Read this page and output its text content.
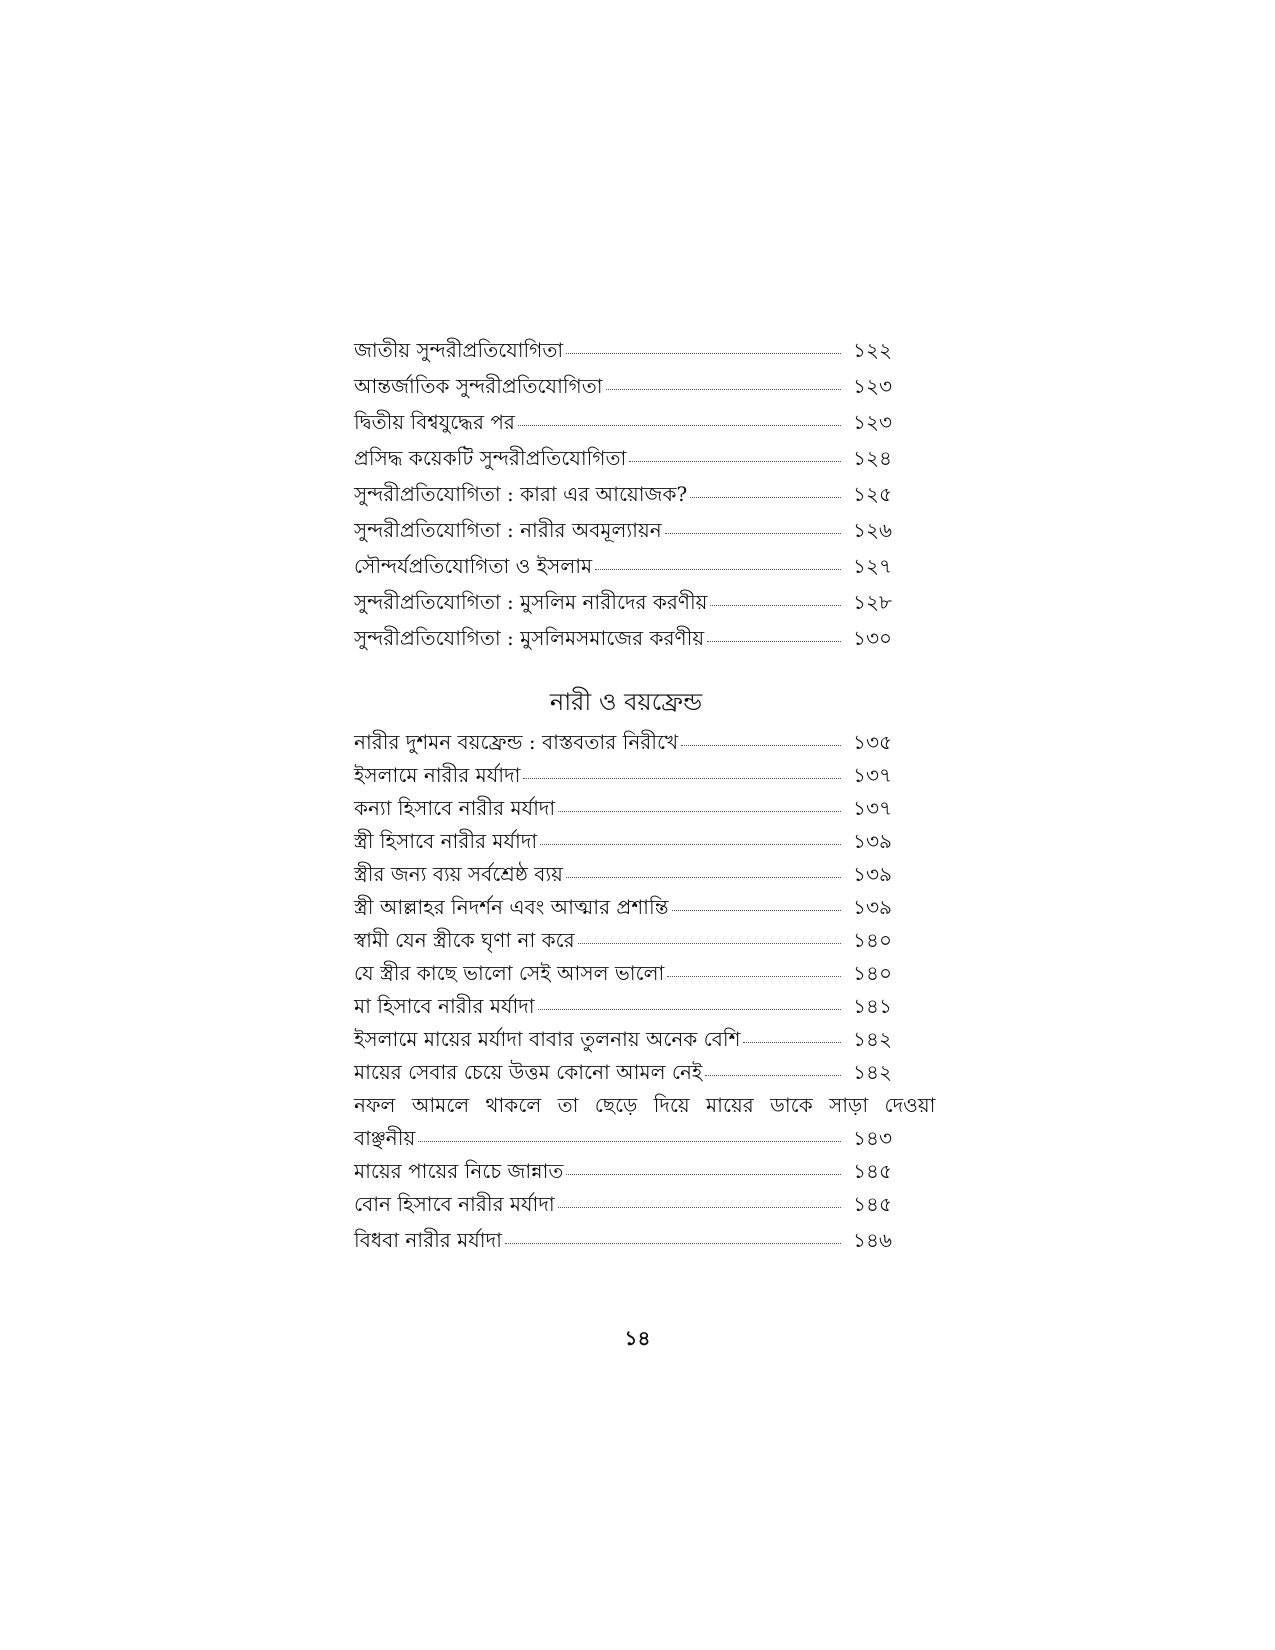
জাতীয় সুন্দরীপ্রতিযোগিতা	১২২
আন্তর্জাতিক সুন্দরীপ্রতিযোগিতা	১২৩
দ্বিতীয় বিশ্বযুদ্ধের পর	১২৩
প্রসিদ্ধ কয়েকটি সুন্দরীপ্রতিযোগিতা	১২৪
সুন্দরীপ্রতিযোগিতা : কারা এর আয়োজক?	১২৫
সুন্দরীপ্রতিযোগিতা : নারীর অবমূল্যায়ন	১২৬
সৌন্দর্যপ্রতিযোগিতা ও ইসলাম	১২৭
সুন্দরীপ্রতিযোগিতা : মুসলিম নারীদের করণীয়	১২৮
সুন্দরীপ্রতিযোগিতা : মুসলিমসমাজের করণীয়	১৩০
নারী ও বয়ফ্রেন্ড
নারীর দুশমন বয়ফ্রেন্ড : বাস্তবতার নিরীখে	১৩৫
ইসলামে নারীর মর্যাদা	১৩৭
কন্যা হিসাবে নারীর মর্যাদা	১৩৭
স্ত্রী হিসাবে নারীর মর্যাদা	১৩৯
স্ত্রীর জন্য ব্যয় সর্বশ্রেষ্ঠ ব্যয়	১৩৯
স্ত্রী আল্লাহর নিদর্শন এবং আত্মার প্রশান্তি	১৩৯
স্বামী যেন স্ত্রীকে ঘৃণা না করে	১৪০
যে স্ত্রীর কাছে ভালো সেই আসল ভালো	১৪০
মা হিসাবে নারীর মর্যাদা	১৪১
ইসলামে মায়ের মর্যাদা বাবার তুলনায় অনেক বেশি	১৪২
মায়ের সেবার চেয়ে উত্তম কোনো আমল নেই	১৪২
নফল আমলে থাকলে তা ছেড়ে দিয়ে মায়ের ডাকে সাড়া দেওয়া
বাঞ্ছনীয়	১৪৩
মায়ের পায়ের নিচে জান্নাত	১৪৫
বোন হিসাবে নারীর মর্যাদা	১৪৫
বিধবা নারীর মর্যাদা	১৪৬
১৪
